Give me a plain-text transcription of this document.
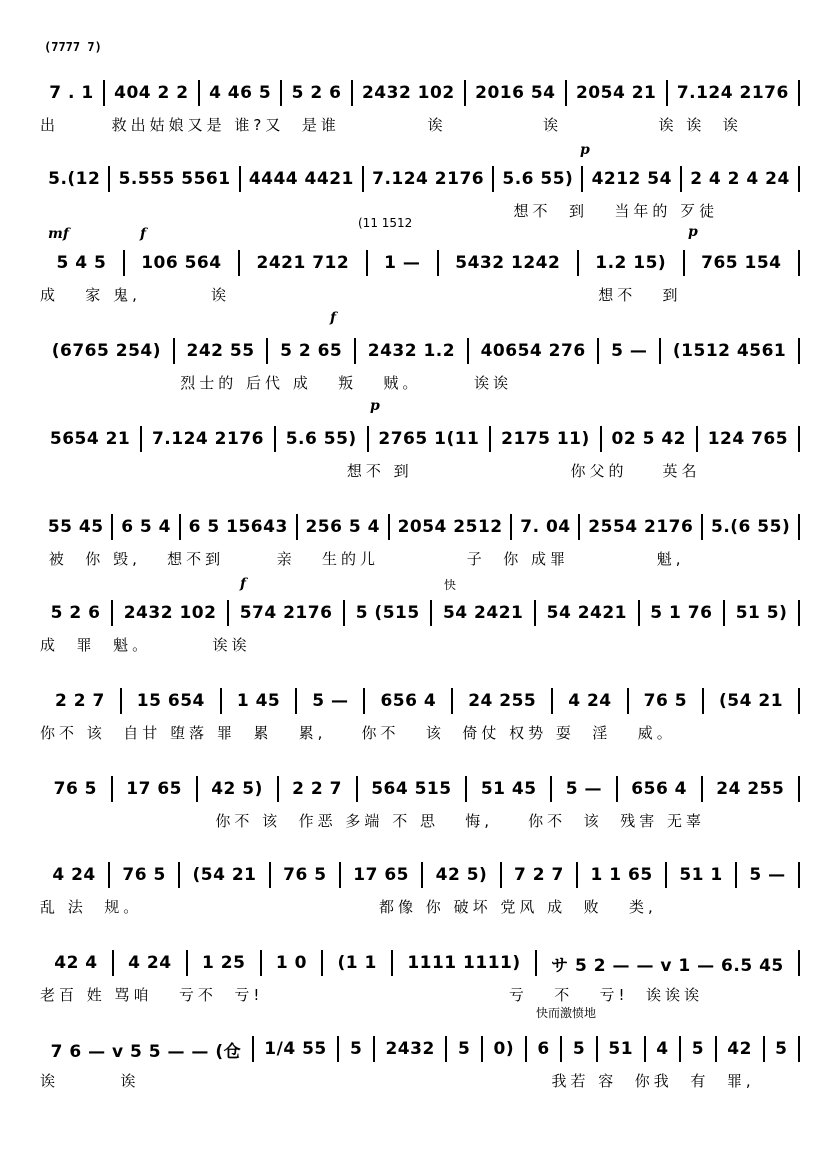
(7777 7)
7 . 1	404 2 2	4 46 5	5 2 6	2432 102	2016 54	2054 21	7.124 2176
出      救出姑娘又是 谁?又  是谁          诶           诶           诶 诶  诶
5.(12	5.555 5561	4444 4421	7.124 2176	5.6 55)	4212 54	2 4 2 4 24
想不  到   当年的 歹徒
p
5 4 5	106 564	2421 712	1 —	5432 1242	1.2 15)	765 154
成   家 鬼,        诶                                          想不   到
mf	f
(11 1512
p
(6765 254)	242 55	5 2 65	2432 1.2	40654 276	5 —	(1512 4561
烈士的 后代 成   叛   贼。      诶诶
f
5654 21	7.124 2176	5.6 55)	2765 1(11	2175 11)	02 5 42	124 765
想不 到                  你父的    英名
p
55 45	6 5 4	6 5 15643	256 5 4	2054 2512	7. 04	2554 2176	5.(6 55)
被  你 毁,   想不到      亲   生的儿          子  你 成罪          魁,
5 2 6	2432 102	574 2176	5 (515	54 2421	54 2421	5 1 76	51 5)
成  罪  魁。       诶诶
f	快
2 2 7	15 654	1 45	5 —	656 4	24 255	4 24	76 5	(54 21
你不 该  自甘 堕落 罪  累   累,    你不   该  倚仗 权势 耍  淫   威。
76 5	17 65	42 5)	2 2 7	564 515	51 45	5 —	656 4	24 255
你不 该  作恶 多端 不 思   悔,    你不  该  残害 无辜
4 24	76 5	(54 21	76 5	17 65	42 5)	7 2 7	1 1 65	51 1	5 —
乱 法  规。                           都像 你 破坏 党风 成  败   类,
42 4	4 24	1 25	1 0	(1 1	1111 1111)	サ 5 2 — — v 1 — 6.5 45
老百 姓 骂咱   亏不  亏!                            亏   不   亏!  诶诶诶
7 6 — v 5 5 — — (仓	1/4 55	5	2432	5	0)	6	5	51	4	5	42	5
诶       诶                                               我若 容  你我  有  罪,
快而激愤地
